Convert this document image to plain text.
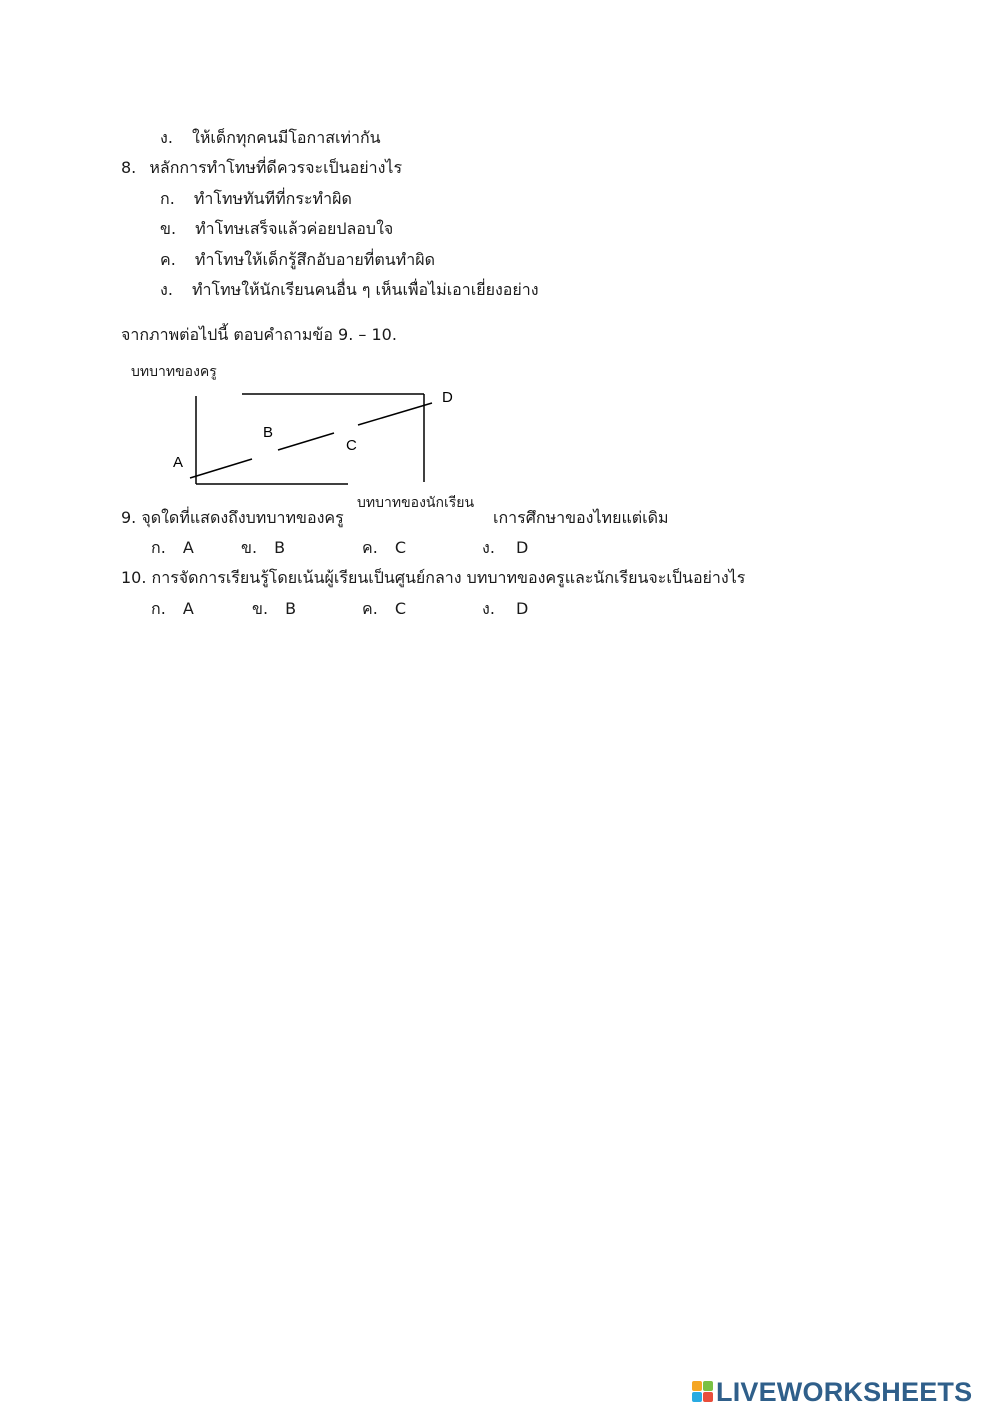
ง. ให้เด็กทุกคนมีโอกาสเท่ากัน
8. หลักการทำโทษที่ดีควรจะเป็นอย่างไร
ก. ทำโทษทันทีที่กระทำผิด
ข. ทำโทษเสร็จแล้วค่อยปลอบใจ
ค. ทำโทษให้เด็กรู้สึกอับอายที่ตนทำผิด
ง. ทำโทษให้นักเรียนคนอื่น ๆ เห็นเพื่อไม่เอาเยี่ยงอย่าง
จากภาพต่อไปนี้ ตอบคำถามข้อ 9. – 10.
บทบาทของครู
บทบาทของนักเรียน
A
B
C
D
9. จุดใดที่แสดงถึงบทบาทของครู	เการศึกษาของไทยแต่เดิม
ก. A	ข. B	ค. C	ง. D
10. การจัดการเรียนรู้โดยเน้นผู้เรียนเป็นศูนย์กลาง บทบาทของครูและนักเรียนจะเป็นอย่างไร
ก. A	ข. B	ค. C	ง. D
LIVEWORKSHEETS
